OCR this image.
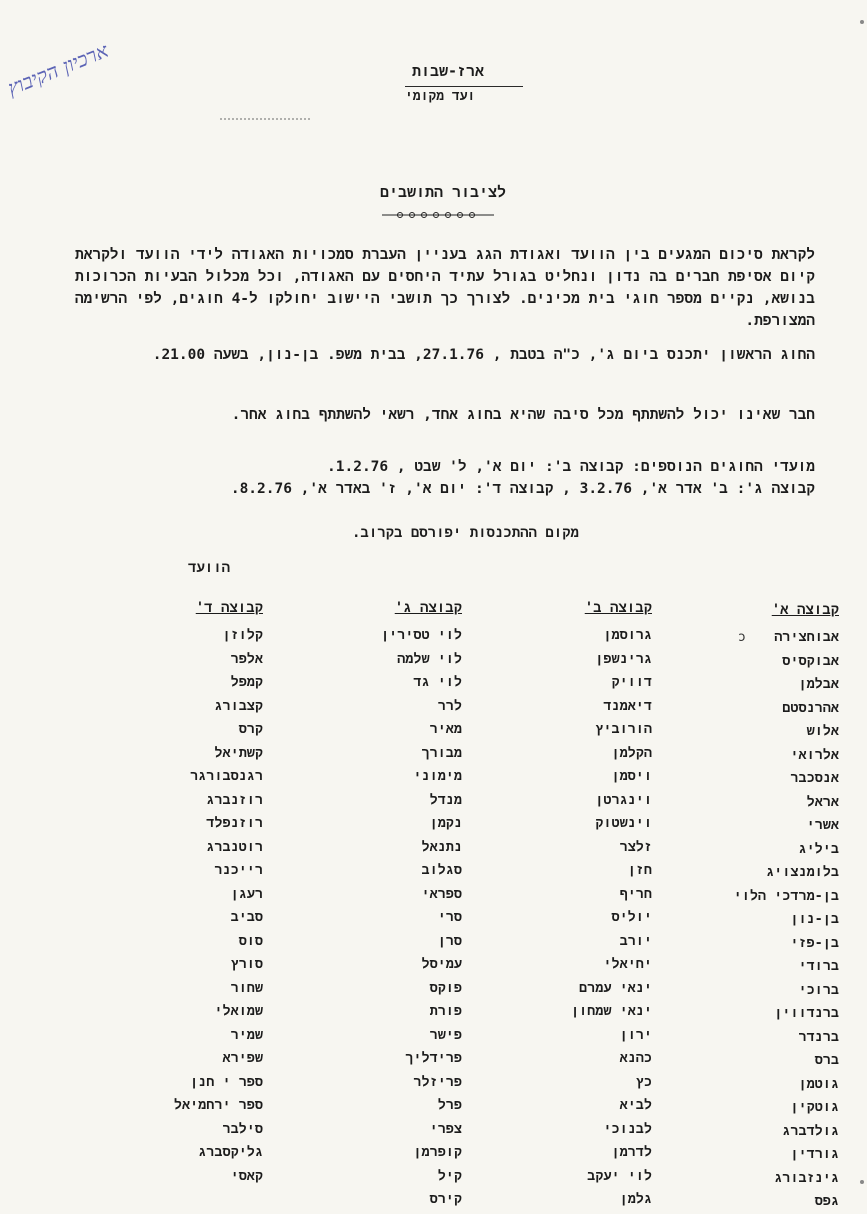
ארכיון הקיבוץ	ארז-שבות
ועד מקומי
לציבור התושבים
לקראת סיכום המגעים בין הוועד ואגודת הגג בעניין העברת סמכויות האגודה לידי הוועד ולקראת קיום אסיפת חברים בה נדון ונחליט בגורל עתיד היחסים עם האגודה, וכל מכלול הבעיות הכרוכות בנושא, נקיים מספר חוגי בית מכינים. לצורך כך תושבי היישוב יחולקו ל-4 חוגים, לפי הרשימה המצורפת.
החוג הראשון יתכנס ביום ג', כ"ה בטבת , 27.1.76, בבית משפ. בן-נון, בשעה 21.00.
חבר שאינו יכול להשתתף מכל סיבה שהיא בחוג אחד, רשאי להשתתף בחוג אחר.
מועדי החוגים הנוספים: קבוצה ב': יום א', ל' שבט , 1.2.76.
קבוצה ג': ב' אדר א', 3.2.76 , קבוצה ד': יום א', ז' באדר א', 8.2.76.
מקום ההתכנסות יפורסם בקרוב.
הוועד
ɔ
קבוצה א'
אבוחצירה
אבוקסיס
אבלמן
אהרנסטם
אלוש
אלרואי
אנסכבר
אראל
אשרי
ביליג
בלומנצויג
בן-מרדכי הלוי
בן-נון
בן-פזי
ברודי
ברוכי
ברנדווין
ברנדר
ברס
גוטמן
גוטקין
גולדברג
גורדין
גינזבורג
גפס
קבוצה ב'
גרוסמן
גרינשפן
דוויק
דיאמנד
הורוביץ
הקלמן
ויסמן
וינגרטן
וינשטוק
זלצר
חזן
חריף
יוליס
יורב
יחיאלי
ינאי עמרם
ינאי שמחון
ירון
כהנא
כץ
לביא
לבנוכי
לדרמן
לוי יעקב
גלמן
קבוצה ג'
לוי טסירין
לוי שלמה
לוי גד
לרר
מאיר
מבורך
מימוני
מנדל
נקמן
נתנאל
סגלוב
ספראי
סרי
סרן
עמיסל
פוקס
פורת
פישר
פרידליך
פריזלר
פרל
צפרי
קופרמן
קיל
קירס
קבוצה ד'
קלוזן
אלפר
קמפל
קצבורג
קרס
קשתיאל
רגנסבורגר
רוזנברג
רוזנפלד
רוטנברג
רייכנר
רעגן
סביב
סוס
סורץ
שחור
שמואלי
שמיר
שפירא
ספר י חנן
ספר ירחמיאל
סילבר
גליקסברג
קאסי
